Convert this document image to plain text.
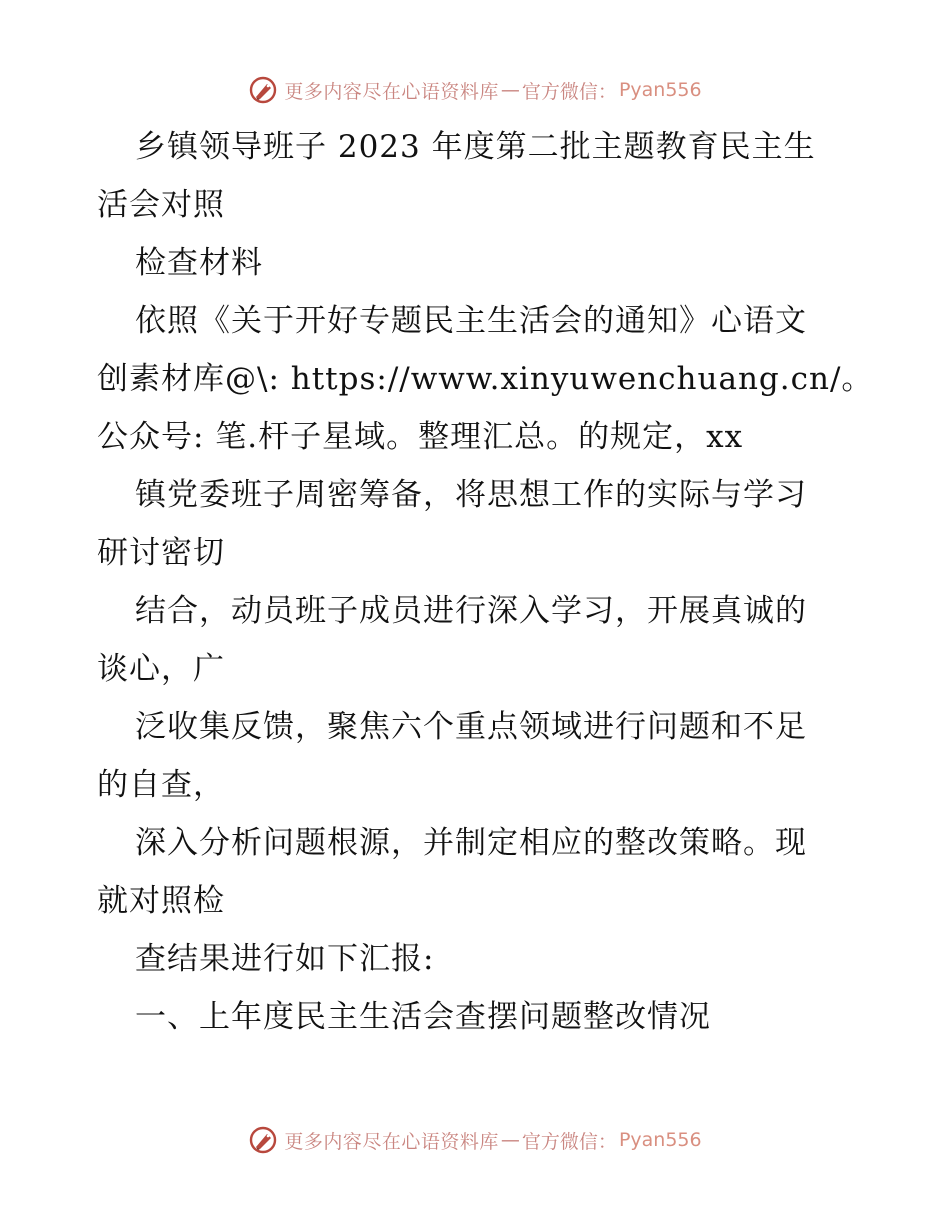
更多内容尽在心语资料库 — 官方微信： Pyan556
乡镇领导班子 2023 年度第二批主题教育民主生
活会对照
检查材料
依照《关于开好专题民主生活会的通知》心语文
创素材库@\: https://www.xinyuwenchuang.cn/。
公众号: 笔.杆子星域。整理汇总。的规定，xx
镇党委班子周密筹备，将思想工作的实际与学习
研讨密切
结合，动员班子成员进行深入学习，开展真诚的
谈心，广
泛收集反馈，聚焦六个重点领域进行问题和不足
的自查，
深入分析问题根源，并制定相应的整改策略。现
就对照检
查结果进行如下汇报:
一、上年度民主生活会查摆问题整改情况
更多内容尽在心语资料库 — 官方微信： Pyan556
